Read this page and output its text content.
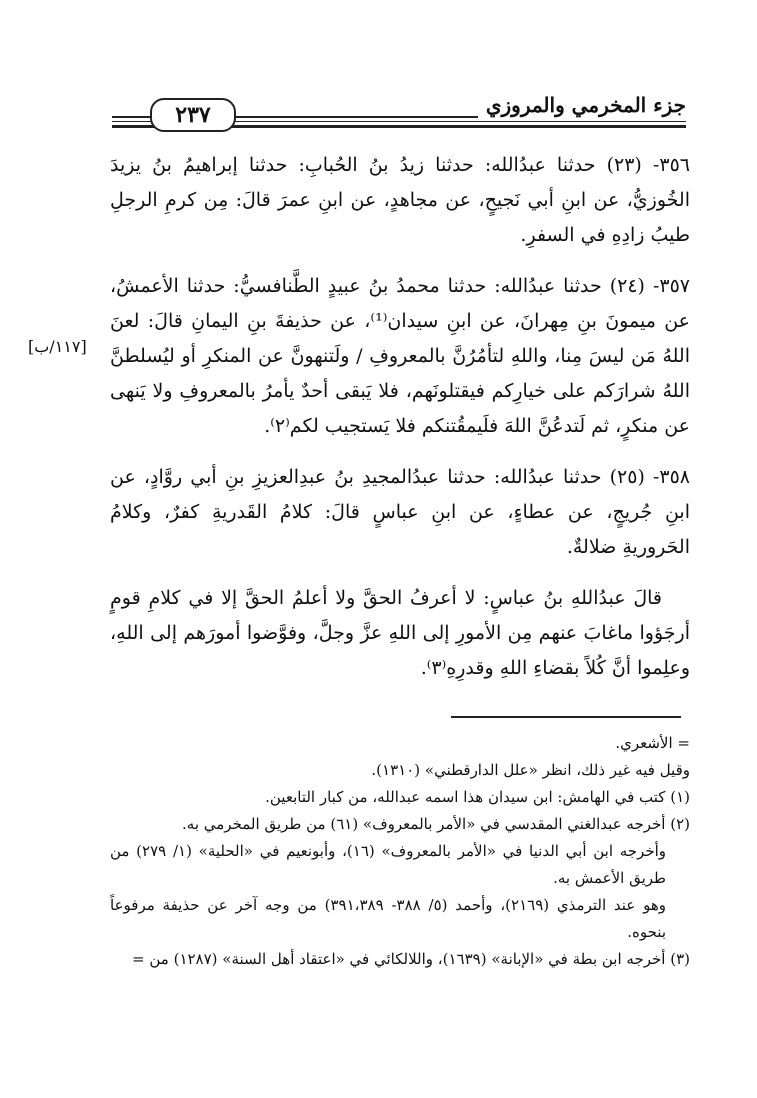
جزء المخرمي والمروزي
٢٣٧
[١١٧/ب]

٣٥٦- (٢٣) حدثنا عبدُالله: حدثنا زيدُ بنُ الحُبابِ: حدثنا إبراهيمُ بنُ يزيدَ الخُوزيُّ، عن ابنِ أبي نَجيحٍ، عن مجاهدٍ، عن ابنِ عمرَ قالَ: مِن كرمِ الرجلِ طيبُ زادِهِ في السفرِ.

٣٥٧- (٢٤) حدثنا عبدُالله: حدثنا محمدُ بنُ عبيدٍ الطَّنافسيُّ: حدثنا الأعمشُ، عن ميمونَ بنِ مِهرانَ، عن ابنِ سيدان⁽¹⁾، عن حذيفةَ بنِ اليمانِ قالَ: لعنَ اللهُ مَن ليسَ مِنا، واللهِ لتأمُرُنَّ بالمعروفِ / ولَتنهونَّ عن المنكرِ أو ليُسلطنَّ اللهُ شرارَكم على خيارِكم فيقتلونَهم، فلا يَبقى أحدٌ يأمرُ بالمعروفِ ولا يَنهى عن منكرٍ، ثم لَتدعُنَّ اللهَ فلَيمقُتنكم فلا يَستجيب لكم⁽٢⁾.

٣٥٨- (٢٥) حدثنا عبدُالله: حدثنا عبدُالمجيدِ بنُ عبدِالعزيزِ بنِ أبي روَّادٍ، عن ابنِ جُريجٍ، عن عطاءٍ، عن ابنِ عباسٍ قالَ: كلامُ القَدريةِ كفرٌ، وكلامُ الحَروريةِ ضلالةٌ.

قالَ عبدُاللهِ بنُ عباسٍ: لا أعرفُ الحقَّ ولا أعلمُ الحقَّ إلا في كلامِ قومٍ أرجَؤوا ماغابَ عنهم مِن الأمورِ إلى اللهِ عزَّ وجلَّ، وفوَّضوا أمورَهم إلى اللهِ، وعلِموا أنَّ كُلاً بقضاءِ اللهِ وقدرِهِ⁽٣⁾.

= الأشعري.

وقيل فيه غير ذلك، انظر «علل الدارقطني» (١٣١٠).

(١) كتب في الهامش: ابن سيدان هذا اسمه عبدالله، من كبار التابعين.

(٢) أخرجه عبدالغني المقدسي في «الأمر بالمعروف» (٦١) من طريق المخرمي به.

وأخرجه ابن أبي الدنيا في «الأمر بالمعروف» (١٦)، وأبونعيم في «الحلية» (١/ ٢٧٩) من طريق الأعمش به.

وهو عند الترمذي (٢١٦٩)، وأحمد (٥/ ٣٨٨- ٣٩١،٣٨٩) من وجه آخر عن حذيفة مرفوعاً بنحوه.

(٣) أخرجه ابن بطة في «الإبانة» (١٦٣٩)، واللالكائي في «اعتقاد أهل السنة» (١٢٨٧) من =
